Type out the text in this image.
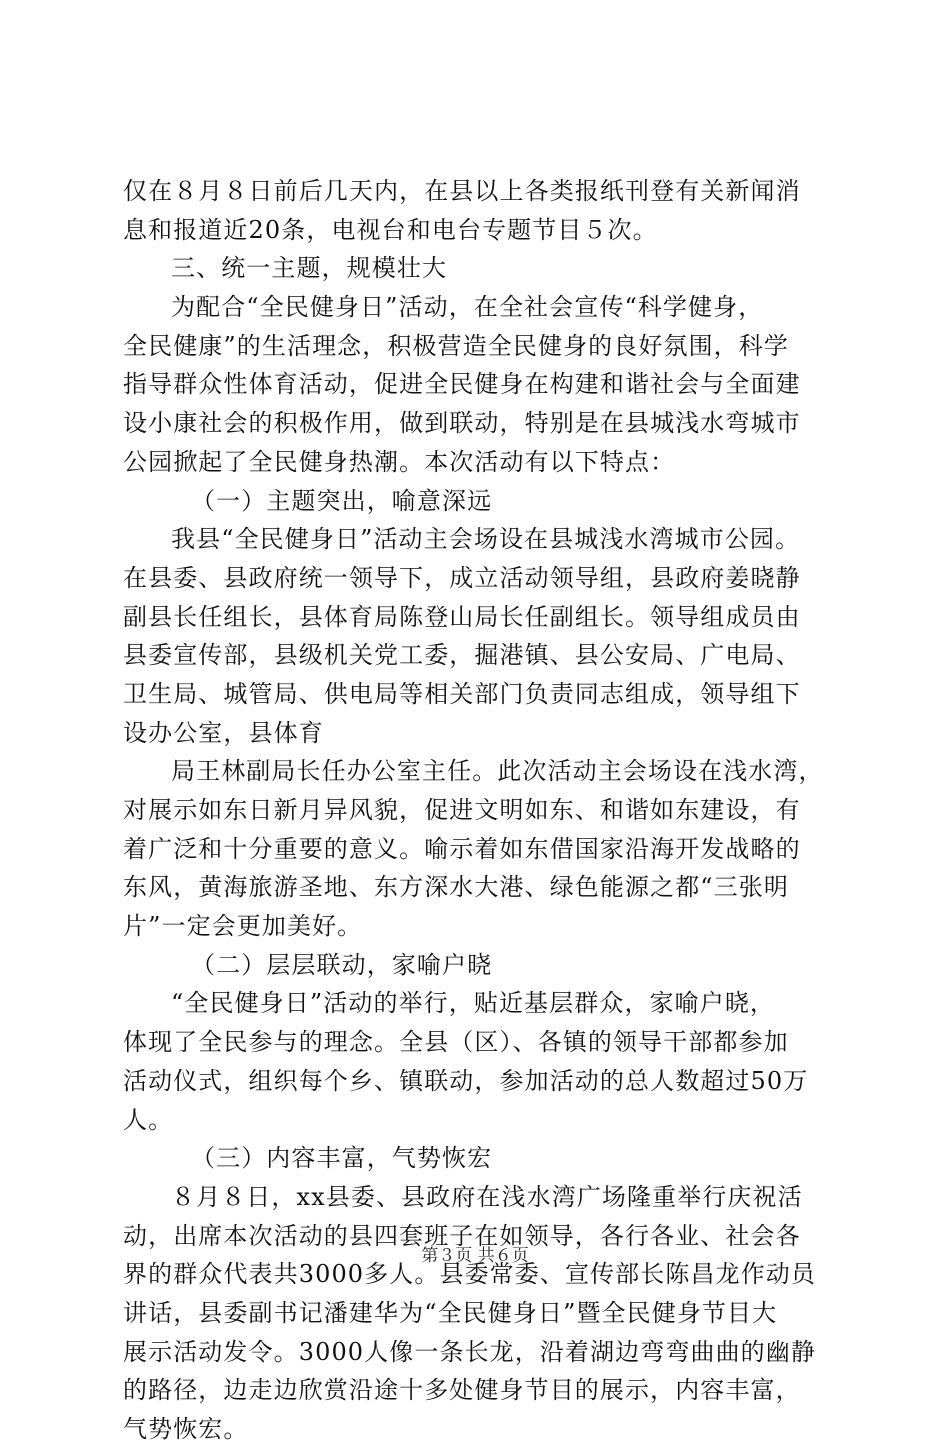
仅在８月８日前后几天内，在县以上各类报纸刊登有关新闻消
息和报道近20条，电视台和电台专题节目５次。
三、统一主题，规模壮大
为配合“全民健身日”活动，在全社会宣传“科学健身，
全民健康”的生活理念，积极营造全民健身的良好氛围，科学
指导群众性体育活动，促进全民健身在构建和谐社会与全面建
设小康社会的积极作用，做到联动，特别是在县城浅水弯城市
公园掀起了全民健身热潮。本次活动有以下特点：
（一）主题突出，喻意深远
我县“全民健身日”活动主会场设在县城浅水湾城市公园。
在县委、县政府统一领导下，成立活动领导组，县政府姜晓静
副县长任组长，县体育局陈登山局长任副组长。领导组成员由
县委宣传部，县级机关党工委，掘港镇、县公安局、广电局、
卫生局、城管局、供电局等相关部门负责同志组成，领导组下
设办公室，县体育
局王林副局长任办公室主任。此次活动主会场设在浅水湾，
对展示如东日新月异风貌，促进文明如东、和谐如东建设，有
着广泛和十分重要的意义。喻示着如东借国家沿海开发战略的
东风，黄海旅游圣地、东方深水大港、绿色能源之都“三张明
片”一定会更加美好。
（二）层层联动，家喻户晓
“全民健身日”活动的举行，贴近基层群众，家喻户晓，
体现了全民参与的理念。全县（区）、各镇的领导干部都参加
活动仪式，组织每个乡、镇联动，参加活动的总人数超过50万
人。
（三）内容丰富，气势恢宏
８月８日，xx县委、县政府在浅水湾广场隆重举行庆祝活
动，出席本次活动的县四套班子在如领导，各行各业、社会各
界的群众代表共3000多人。县委常委、宣传部长陈昌龙作动员
讲话，县委副书记潘建华为“全民健身日”暨全民健身节目大
展示活动发令。3000人像一条长龙，沿着湖边弯弯曲曲的幽静
的路径，边走边欣赏沿途十多处健身节目的展示，内容丰富，
气势恢宏。
第３页 共６页
